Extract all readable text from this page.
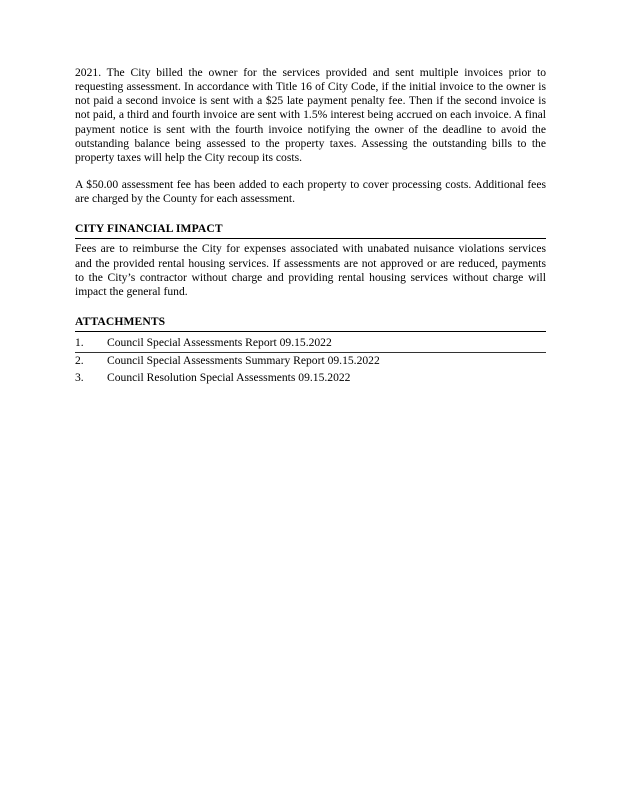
2021. The City billed the owner for the services provided and sent multiple invoices prior to requesting assessment. In accordance with Title 16 of City Code, if the initial invoice to the owner is not paid a second invoice is sent with a $25 late payment penalty fee. Then if the second invoice is not paid, a third and fourth invoice are sent with 1.5% interest being accrued on each invoice. A final payment notice is sent with the fourth invoice notifying the owner of the deadline to avoid the outstanding balance being assessed to the property taxes. Assessing the outstanding bills to the property taxes will help the City recoup its costs.

A $50.00 assessment fee has been added to each property to cover processing costs. Additional fees are charged by the County for each assessment.

CITY FINANCIAL IMPACT

Fees are to reimburse the City for expenses associated with unabated nuisance violations services and the provided rental housing services. If assessments are not approved or are reduced, payments to the City’s contractor without charge and providing rental housing services without charge will impact the general fund.

ATTACHMENTS
1.	Council Special Assessments Report 09.15.2022
2.	Council Special Assessments Summary Report 09.15.2022
3.	Council Resolution Special Assessments 09.15.2022
